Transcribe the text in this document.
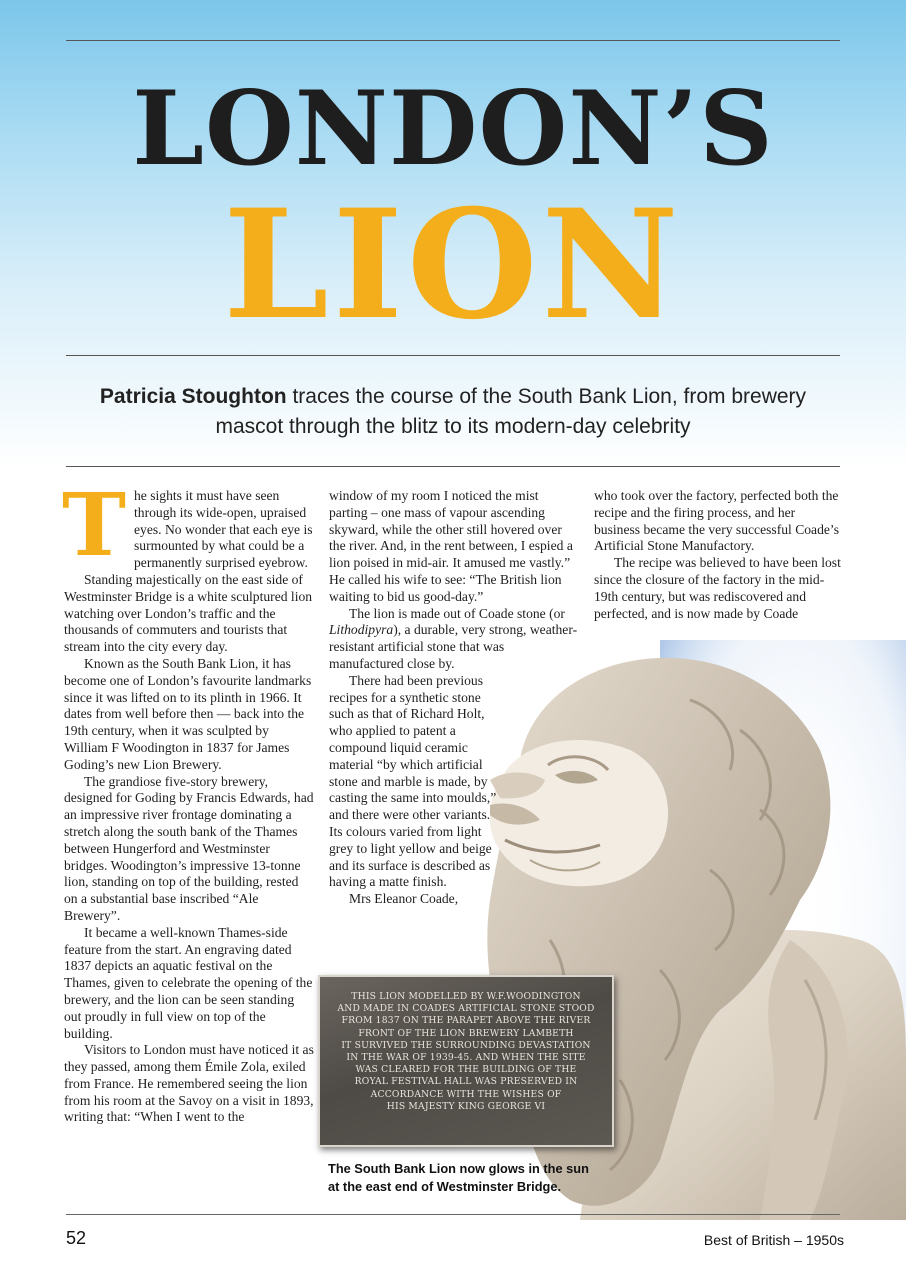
LONDON’S
LION
Patricia Stoughton traces the course of the South Bank Lion, from brewery mascot through the blitz to its modern-day celebrity
T he sights it must have seen through its wide-open, upraised eyes. No wonder that each eye is surmounted by what could be a permanently surprised eyebrow.

Standing majestically on the east side of Westminster Bridge is a white sculptured lion watching over London’s traffic and the thousands of commuters and tourists that stream into the city every day.

Known as the South Bank Lion, it has become one of London’s favourite landmarks since it was lifted on to its plinth in 1966. It dates from well before then — back into the 19th century, when it was sculpted by William F Woodington in 1837 for James Goding’s new Lion Brewery.

The grandiose five-story brewery, designed for Goding by Francis Edwards, had an impressive river frontage dominating a stretch along the south bank of the Thames between Hungerford and Westminster bridges. Woodington’s impressive 13-tonne lion, standing on top of the building, rested on a substantial base inscribed “Ale Brewery”.

It became a well-known Thames-side feature from the start. An engraving dated 1837 depicts an aquatic festival on the Thames, given to celebrate the opening of the brewery, and the lion can be seen standing out proudly in full view on top of the building.

Visitors to London must have noticed it as they passed, among them Émile Zola, exiled from France. He remembered seeing the lion from his room at the Savoy on a visit in 1893, writing that: “When I went to the

window of my room I noticed the mist parting – one mass of vapour ascending skyward, while the other still hovered over the river. And, in the rent between, I espied a lion poised in mid-air. It amused me vastly.” He called his wife to see: “The British lion waiting to bid us good-day.”

The lion is made out of Coade stone (or Lithodipyra), a durable, very strong, weather-resistant artificial stone that was manufactured close by.

There had been previous recipes for a synthetic stone such as that of Richard Holt, who applied to patent a compound liquid ceramic material “by which artificial stone and marble is made, by casting the same into moulds,” and there were other variants. Its colours varied from light grey to light yellow and beige and its surface is described as having a matte finish.

Mrs Eleanor Coade,

who took over the factory, perfected both the recipe and the firing process, and her business became the very successful Coade’s Artificial Stone Manufactory.

The recipe was believed to have been lost since the closure of the factory in the mid-19th century, but was rediscovered and perfected, and is now made by Coade

THIS LION MODELLED BY W.F.WOODINGTON
AND MADE IN COADES ARTIFICIAL STONE STOOD
FROM 1837 ON THE PARAPET ABOVE THE RIVER
FRONT OF THE LION BREWERY LAMBETH
IT SURVIVED THE SURROUNDING DEVASTATION
IN THE WAR OF 1939-45. AND WHEN THE SITE
WAS CLEARED FOR THE BUILDING OF THE
ROYAL FESTIVAL HALL WAS PRESERVED IN
ACCORDANCE WITH THE WISHES OF
HIS MAJESTY KING GEORGE VI
The South Bank Lion now glows in the sun at the east end of Westminster Bridge.
52	Best of British – 1950s
